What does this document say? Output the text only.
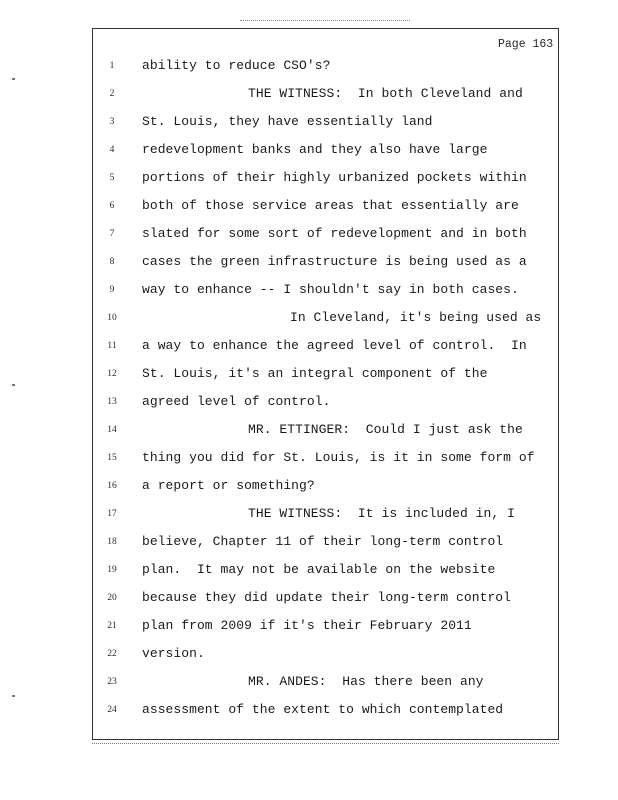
Page 163
1	ability to reduce CSO's?
2	THE WITNESS:  In both Cleveland and
3	St. Louis, they have essentially land
4	redevelopment banks and they also have large
5	portions of their highly urbanized pockets within
6	both of those service areas that essentially are
7	slated for some sort of redevelopment and in both
8	cases the green infrastructure is being used as a
9	way to enhance -- I shouldn't say in both cases.
10	In Cleveland, it's being used as
11	a way to enhance the agreed level of control.  In
12	St. Louis, it's an integral component of the
13	agreed level of control.
14	MR. ETTINGER:  Could I just ask the
15	thing you did for St. Louis, is it in some form of
16	a report or something?
17	THE WITNESS:  It is included in, I
18	believe, Chapter 11 of their long-term control
19	plan.  It may not be available on the website
20	because they did update their long-term control
21	plan from 2009 if it's their February 2011
22	version.
23	MR. ANDES:  Has there been any
24	assessment of the extent to which contemplated
